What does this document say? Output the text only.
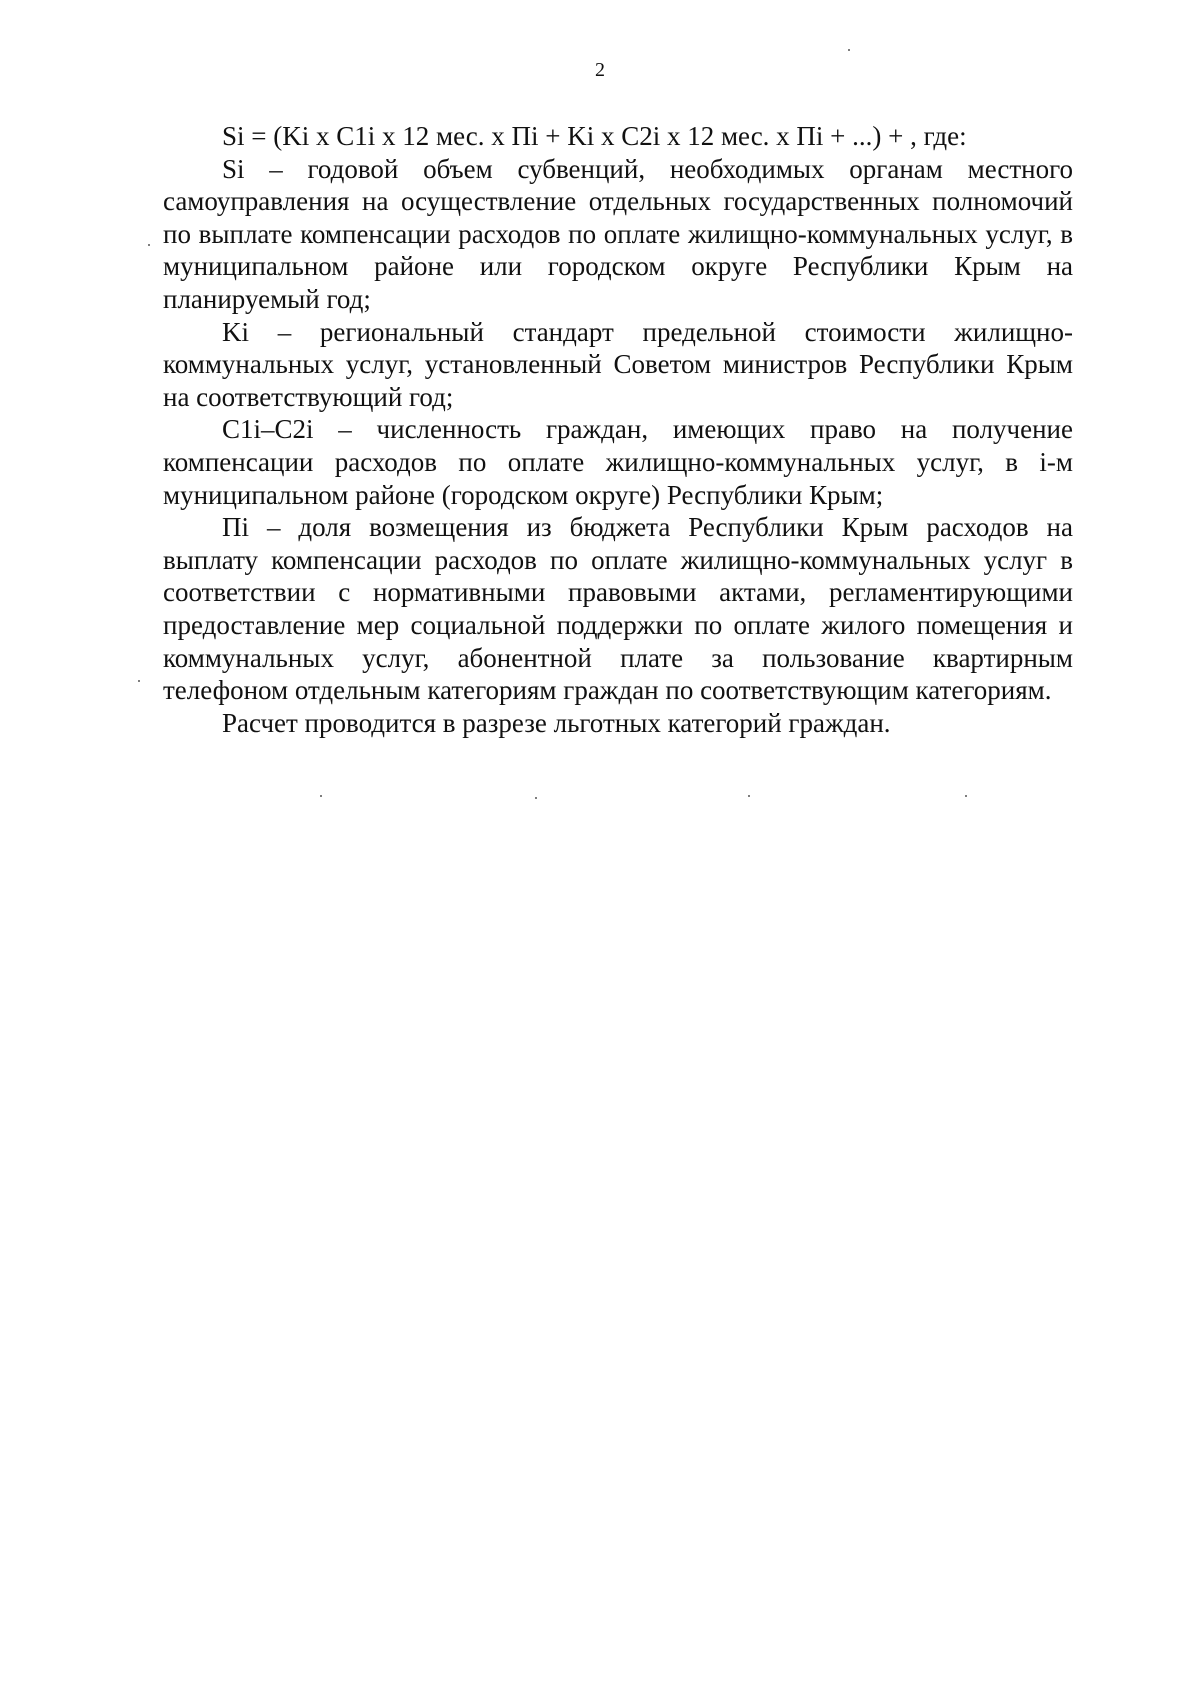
2

Si = (Ki x C1i x 12 мес. x Пi + Ki x C2i x 12 мес. x Пi + ...) + , где:

Si – годовой объем субвенций, необходимых органам местного самоуправления на осуществление отдельных государственных полномочий по выплате компенсации расходов по оплате жилищно-коммунальных услуг, в муниципальном районе или городском округе Республики Крым на планируемый год;

Ki – региональный стандарт предельной стоимости жилищно-коммунальных услуг, установленный Советом министров Республики Крым на соответствующий год;

C1i–C2i – численность граждан, имеющих право на получение компенсации расходов по оплате жилищно-коммунальных услуг, в i-м муниципальном районе (городском округе) Республики Крым;

Пi – доля возмещения из бюджета Республики Крым расходов на выплату компенсации расходов по оплате жилищно-коммунальных услуг в соответствии с нормативными правовыми актами, регламентирующими предоставление мер социальной поддержки по оплате жилого помещения и коммунальных услуг, абонентной плате за пользование квартирным телефоном отдельным категориям граждан по соответствующим категориям.

Расчет проводится в разрезе льготных категорий граждан.
